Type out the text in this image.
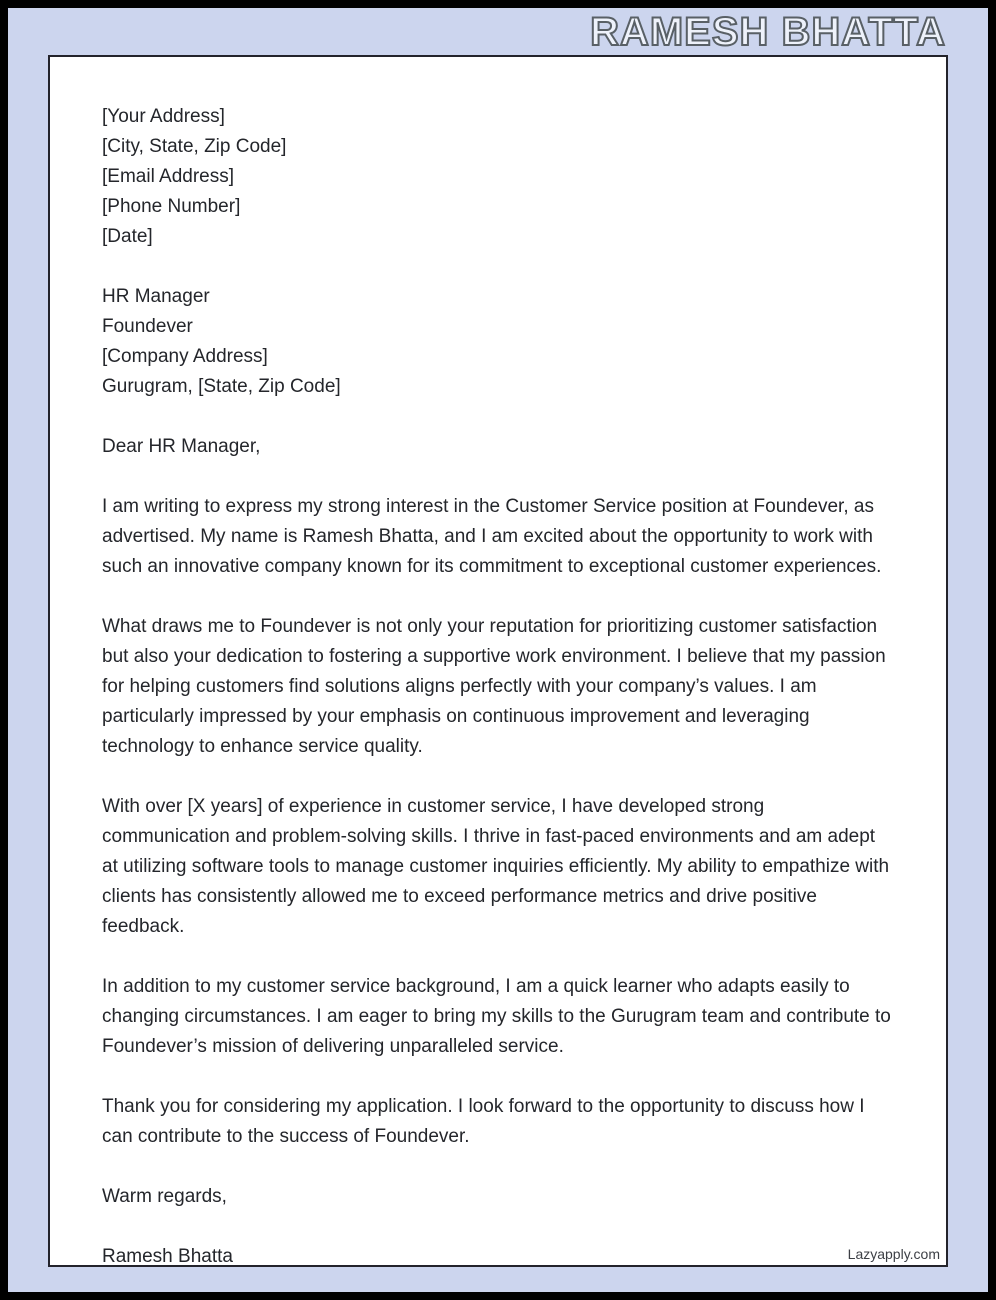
RAMESH BHATTA
[Your Address]
[City, State, Zip Code]
[Email Address]
[Phone Number]
[Date]
HR Manager
Foundever
[Company Address]
Gurugram, [State, Zip Code]
Dear HR Manager,

I am writing to express my strong interest in the Customer Service position at Foundever, as advertised. My name is Ramesh Bhatta, and I am excited about the opportunity to work with such an innovative company known for its commitment to exceptional customer experiences.

What draws me to Foundever is not only your reputation for prioritizing customer satisfaction but also your dedication to fostering a supportive work environment. I believe that my passion for helping customers find solutions aligns perfectly with your company’s values. I am particularly impressed by your emphasis on continuous improvement and leveraging technology to enhance service quality.

With over [X years] of experience in customer service, I have developed strong communication and problem-solving skills. I thrive in fast-paced environments and am adept at utilizing software tools to manage customer inquiries efficiently. My ability to empathize with clients has consistently allowed me to exceed performance metrics and drive positive feedback.

In addition to my customer service background, I am a quick learner who adapts easily to changing circumstances. I am eager to bring my skills to the Gurugram team and contribute to Foundever’s mission of delivering unparalleled service.

Thank you for considering my application. I look forward to the opportunity to discuss how I can contribute to the success of Foundever.

Warm regards,
Ramesh Bhatta	Lazyapply.com
